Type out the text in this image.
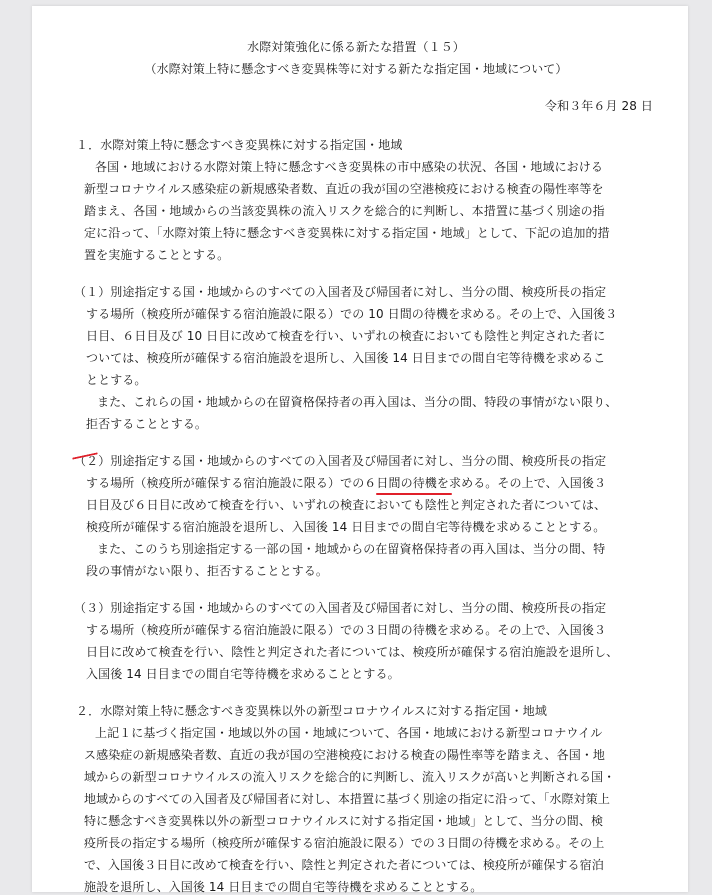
水際対策強化に係る新たな措置（１５）

（水際対策上特に懸念すべき変異株等に対する新たな指定国・地域について）

令和３年６月 28 日

１．水際対策上特に懸念すべき変異株に対する指定国・地域

各国・地域における水際対策上特に懸念すべき変異株の市中感染の状況、各国・地域における

新型コロナウイルス感染症の新規感染者数、直近の我が国の空港検疫における検査の陽性率等を

踏まえ、各国・地域からの当該変異株の流入リスクを総合的に判断し、本措置に基づく別途の指

定に沿って、「水際対策上特に懸念すべき変異株に対する指定国・地域」として、下記の追加的措

置を実施することとする。

（１）別途指定する国・地域からのすべての入国者及び帰国者に対し、当分の間、検疫所長の指定

する場所（検疫所が確保する宿泊施設に限る）での 10 日間の待機を求める。その上で、入国後３

日目、６日目及び 10 日目に改めて検査を行い、いずれの検査においても陰性と判定された者に

ついては、検疫所が確保する宿泊施設を退所し、入国後 14 日目までの間自宅等待機を求めるこ

ととする。

また、これらの国・地域からの在留資格保持者の再入国は、当分の間、特段の事情がない限り、

拒否することとする。

（２）別途指定する国・地域からのすべての入国者及び帰国者に対し、当分の間、検疫所長の指定

する場所（検疫所が確保する宿泊施設に限る）での６日間の待機を求める。その上で、入国後３

日目及び６日目に改めて検査を行い、いずれの検査においても陰性と判定された者については、

検疫所が確保する宿泊施設を退所し、入国後 14 日目までの間自宅等待機を求めることとする。

また、このうち別途指定する一部の国・地域からの在留資格保持者の再入国は、当分の間、特

段の事情がない限り、拒否することとする。

（３）別途指定する国・地域からのすべての入国者及び帰国者に対し、当分の間、検疫所長の指定

する場所（検疫所が確保する宿泊施設に限る）での３日間の待機を求める。その上で、入国後３

日目に改めて検査を行い、陰性と判定された者については、検疫所が確保する宿泊施設を退所し、

入国後 14 日目までの間自宅等待機を求めることとする。

２．水際対策上特に懸念すべき変異株以外の新型コロナウイルスに対する指定国・地域

上記１に基づく指定国・地域以外の国・地域について、各国・地域における新型コロナウイル

ス感染症の新規感染者数、直近の我が国の空港検疫における検査の陽性率等を踏まえ、各国・地

域からの新型コロナウイルスの流入リスクを総合的に判断し、流入リスクが高いと判断される国・

地域からのすべての入国者及び帰国者に対し、本措置に基づく別途の指定に沿って、「水際対策上

特に懸念すべき変異株以外の新型コロナウイルスに対する指定国・地域」として、当分の間、検

疫所長の指定する場所（検疫所が確保する宿泊施設に限る）での３日間の待機を求める。その上

で、入国後３日目に改めて検査を行い、陰性と判定された者については、検疫所が確保する宿泊

施設を退所し、入国後 14 日目までの間自宅等待機を求めることとする。
